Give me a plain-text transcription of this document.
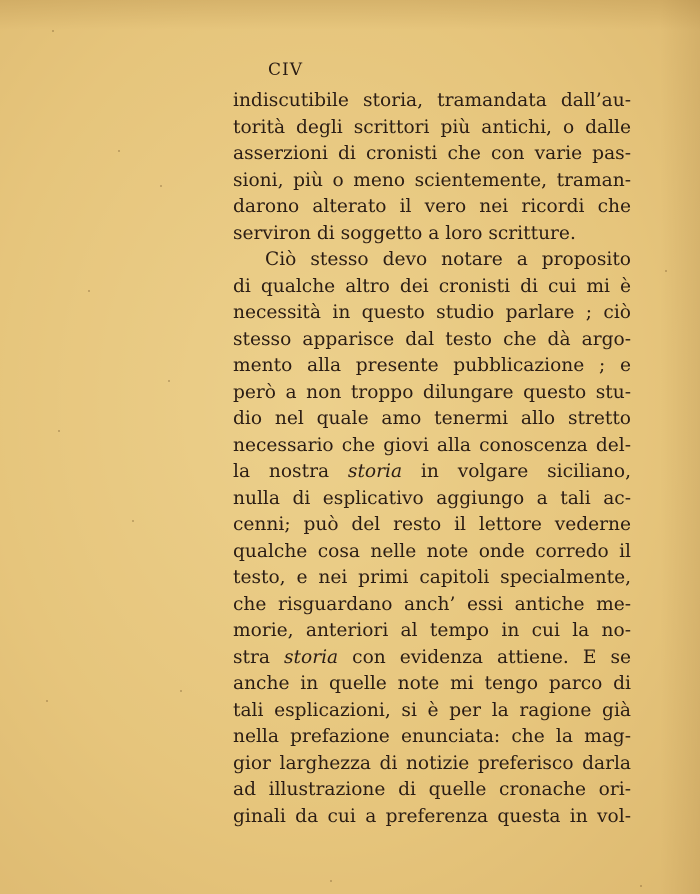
CIV
indiscutibile storia, tramandata dall’au-
torità degli scrittori più antichi, o dalle
asserzioni di cronisti che con varie pas-
sioni, più o meno scientemente, traman-
darono alterato il vero nei ricordi che
serviron di soggetto a loro scritture.
Ciò stesso devo notare a proposito
di qualche altro dei cronisti di cui mi è
necessità in questo studio parlare ; ciò
stesso apparisce dal testo che dà argo-
mento alla presente pubblicazione ; e
però a non troppo dilungare questo stu-
dio nel quale amo tenermi allo stretto
necessario che giovi alla conoscenza del-
la nostra storia in volgare siciliano,
nulla di esplicativo aggiungo a tali ac-
cenni; può del resto il lettore vederne
qualche cosa nelle note onde corredo il
testo, e nei primi capitoli specialmente,
che risguardano anch’ essi antiche me-
morie, anteriori al tempo in cui la no-
stra storia con evidenza attiene. E se
anche in quelle note mi tengo parco di
tali esplicazioni, si è per la ragione già
nella prefazione enunciata: che la mag-
gior larghezza di notizie preferisco darla
ad illustrazione di quelle cronache ori-
ginali da cui a preferenza questa in vol-
